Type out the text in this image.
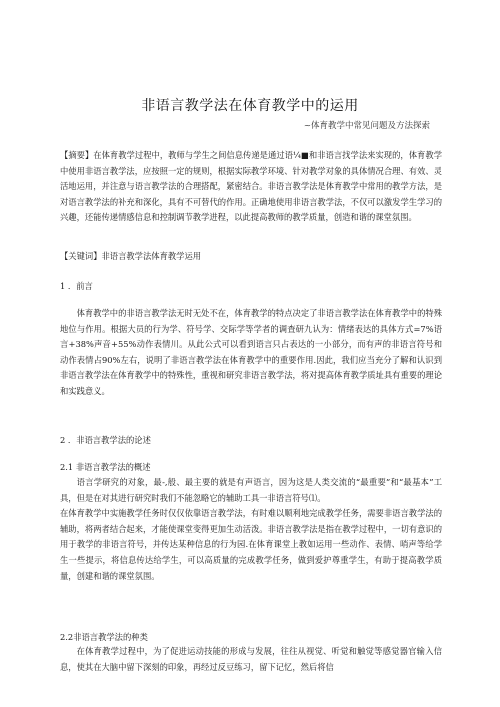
非语言教学法在体育教学中的运用
~体育教学中常见问题及方法探索

【摘要】在体育教学过程中，教师与学生之间信息传递是通过语¼■和非语言找学法来实现的，体育教学中使用非语言教学法，应按照一定的规则，根据实际教学环境、针对教学对象的具体情况合理、有效、灵活地运用，并注意与语言教学法的合理搭配，紧密结合。非语言教学法是体育教学中常用的教学方法，是对语言教学法的补充和深化，具有不可替代的作用。正确地使用非语言教学法，不仅可以激发学生学习的兴趣，还能传递情感信息和控制调节教学进程，以此提高教师的教学质量，创造和谐的课堂氛围。

【关键词】非语言教学法体育教学运用
1 ．前言

体育教学中的非语言教学法无时无处不在，体育教学的特点决定了非语言教学法在体育教学中的特殊地位与作用。根据大员的行为学、符号学、交际学等学者的调査研九认为：情绪表达的具体方式=7%语言+38%声音+55%动作表情川。从此公式可以看到语言只占表达的一小部分，而有声的非语言符号和动作表情占90%左右，说明了非语言教学法在体育教学中的重要作用.因此，我们应当充分了解和认识到非语言教学法在体育教学中的特殊性，重视和研究非语言教学法，将对提高体育教学质址具有重要的理论和实践意义。

2 ．非语言教学法的论述
2.1 非语言教学法的概述

语言学研究的对象，最-,般、最主要的就是有声语言，因为这是人类交流的“最重要”和“最基本”工具，但是在对其进行研究时我们不能忽略它的辅助工具一非语言符号⑴。

在体育教学中实施教学任务时仅仅依靠语言教学法，有时难以顺利地完成教学任务，需要非语言教学法的辅助，将两者结合起来，才能使课堂变得更加生动活泼。非语言教学法是指在教学过程中，一切有意识的用于教学的非语言符号，并传达某种信息的行为园.在体育课堂上教如运用一些动作、表情、哨声等给学生一些提示，将信息传达给学生，可以高质量的完成教学任务，做到爱护尊重学生，有助于提高教学质量，创建和谐的课堂氛围。

2.2非语言教学法的种类

在体育教学过程中，为了促进运动技能的形成与发展，往往从视觉、听觉和触觉等感觉器官输入信息，使其在大脑中留下深刻的印象，再经过反豆练习，留下记忆，然后将信
